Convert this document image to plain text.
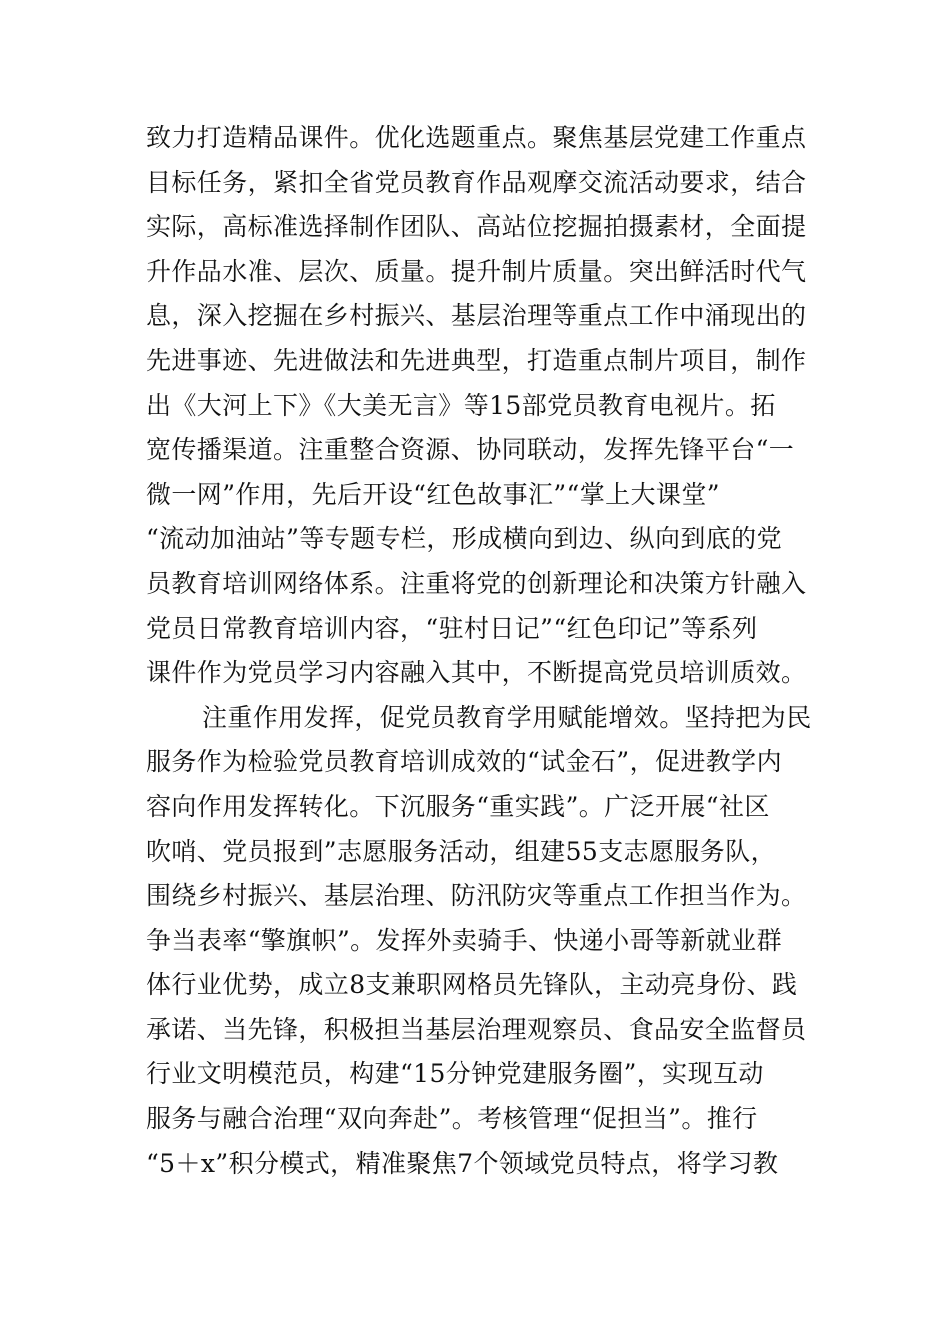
致力打造精品课件。优化选题重点。聚焦基层党建工作重点
目标任务，紧扣全省党员教育作品观摩交流活动要求，结合
实际，高标准选择制作团队、高站位挖掘拍摄素材，全面提
升作品水准、层次、质量。提升制片质量。突出鲜活时代气
息，深入挖掘在乡村振兴、基层治理等重点工作中涌现出的
先进事迹、先进做法和先进典型，打造重点制片项目，制作
出《大河上下》《大美无言》等15部党员教育电视片。拓
宽传播渠道。注重整合资源、协同联动，发挥先锋平台“一
微一网”作用，先后开设“红色故事汇”“掌上大课堂”
“流动加油站”等专题专栏，形成横向到边、纵向到底的党
员教育培训网络体系。注重将党的创新理论和决策方针融入
党员日常教育培训内容，“驻村日记”“红色印记”等系列
课件作为党员学习内容融入其中，不断提高党员培训质效。
注重作用发挥，促党员教育学用赋能增效。坚持把为民
服务作为检验党员教育培训成效的“试金石”，促进教学内
容向作用发挥转化。下沉服务“重实践”。广泛开展“社区
吹哨、党员报到”志愿服务活动，组建55支志愿服务队，
围绕乡村振兴、基层治理、防汛防灾等重点工作担当作为。
争当表率“擎旗帜”。发挥外卖骑手、快递小哥等新就业群
体行业优势，成立8支兼职网格员先锋队，主动亮身份、践
承诺、当先锋，积极担当基层治理观察员、食品安全监督员
行业文明模范员，构建“15分钟党建服务圈”，实现互动
服务与融合治理“双向奔赴”。考核管理“促担当”。推行
“5＋x”积分模式，精准聚焦7个领域党员特点，将学习教
